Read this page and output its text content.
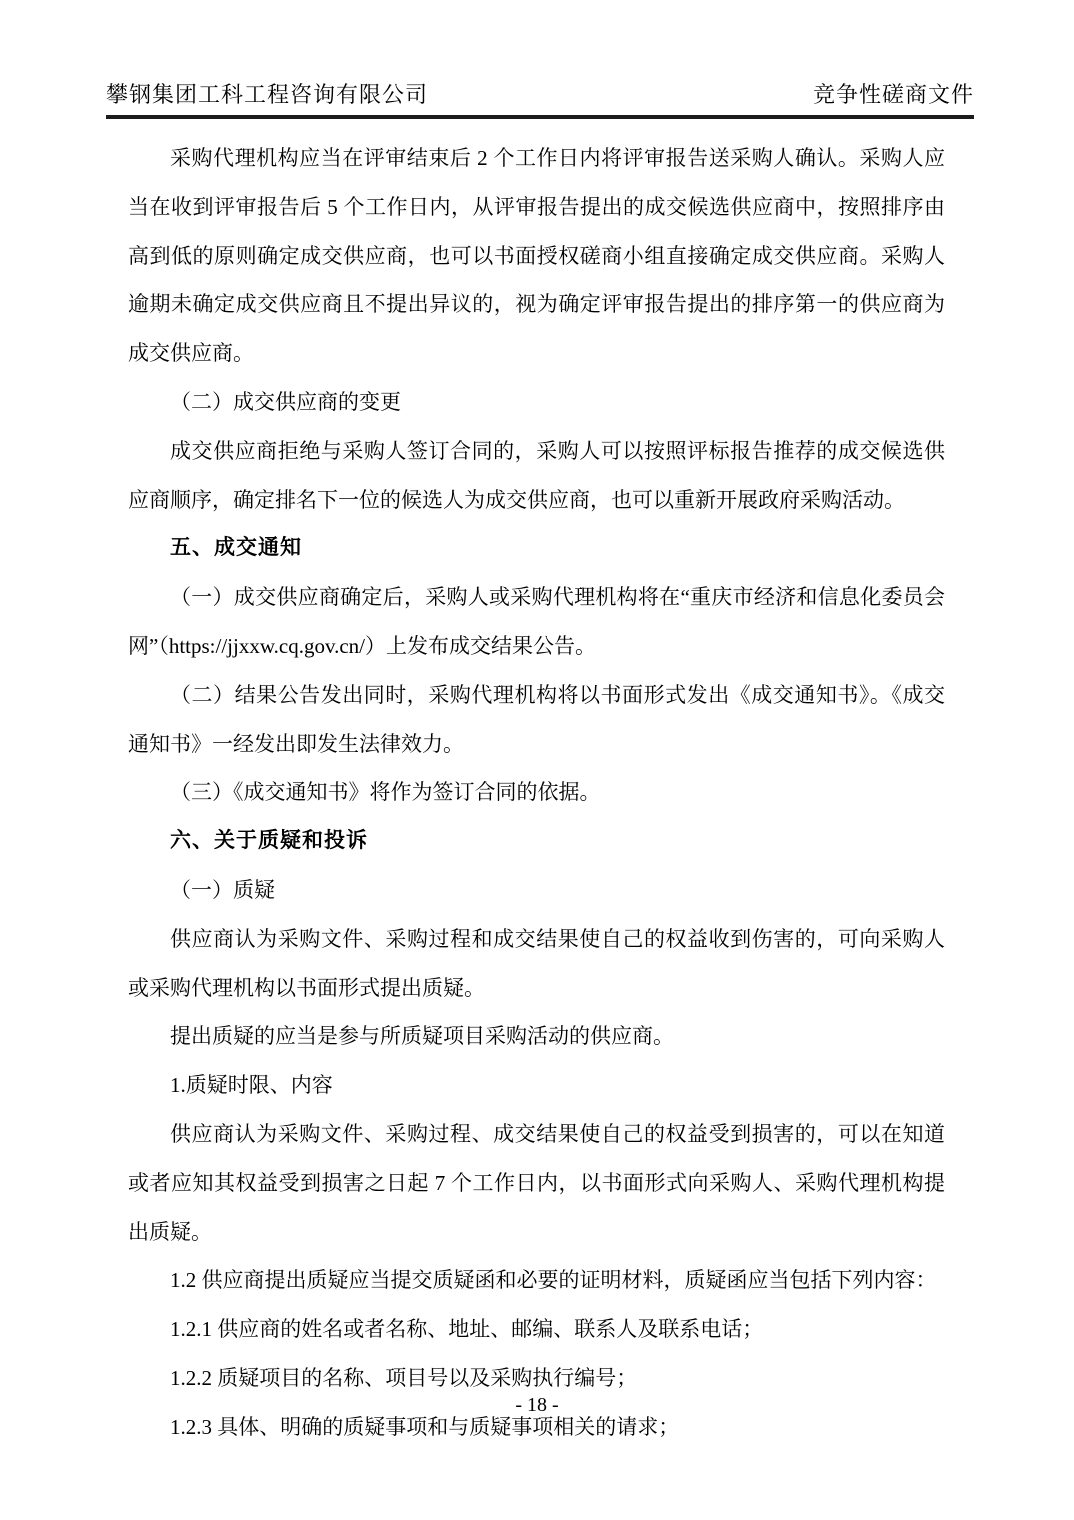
攀钢集团工科工程咨询有限公司	竞争性磋商文件

采购代理机构应当在评审结束后 2 个工作日内将评审报告送采购人确认。采购人应当在收到评审报告后 5 个工作日内，从评审报告提出的成交候选供应商中，按照排序由高到低的原则确定成交供应商，也可以书面授权磋商小组直接确定成交供应商。采购人逾期未确定成交供应商且不提出异议的，视为确定评审报告提出的排序第一的供应商为成交供应商。

（二）成交供应商的变更

成交供应商拒绝与采购人签订合同的，采购人可以按照评标报告推荐的成交候选供应商顺序，确定排名下一位的候选人为成交供应商，也可以重新开展政府采购活动。

五、成交通知

（一）成交供应商确定后，采购人或采购代理机构将在“重庆市经济和信息化委员会网”（https://jjxxw.cq.gov.cn/）上发布成交结果公告。

（二）结果公告发出同时，采购代理机构将以书面形式发出《成交通知书》。《成交通知书》一经发出即发生法律效力。

（三）《成交通知书》将作为签订合同的依据。

六、关于质疑和投诉

（一）质疑

供应商认为采购文件、采购过程和成交结果使自己的权益收到伤害的，可向采购人或采购代理机构以书面形式提出质疑。

提出质疑的应当是参与所质疑项目采购活动的供应商。

1.质疑时限、内容

供应商认为采购文件、采购过程、成交结果使自己的权益受到损害的，可以在知道或者应知其权益受到损害之日起 7 个工作日内，以书面形式向采购人、采购代理机构提出质疑。

1.2 供应商提出质疑应当提交质疑函和必要的证明材料，质疑函应当包括下列内容：

1.2.1 供应商的姓名或者名称、地址、邮编、联系人及联系电话；

1.2.2 质疑项目的名称、项目号以及采购执行编号；

1.2.3 具体、明确的质疑事项和与质疑事项相关的请求；

- 18 -
